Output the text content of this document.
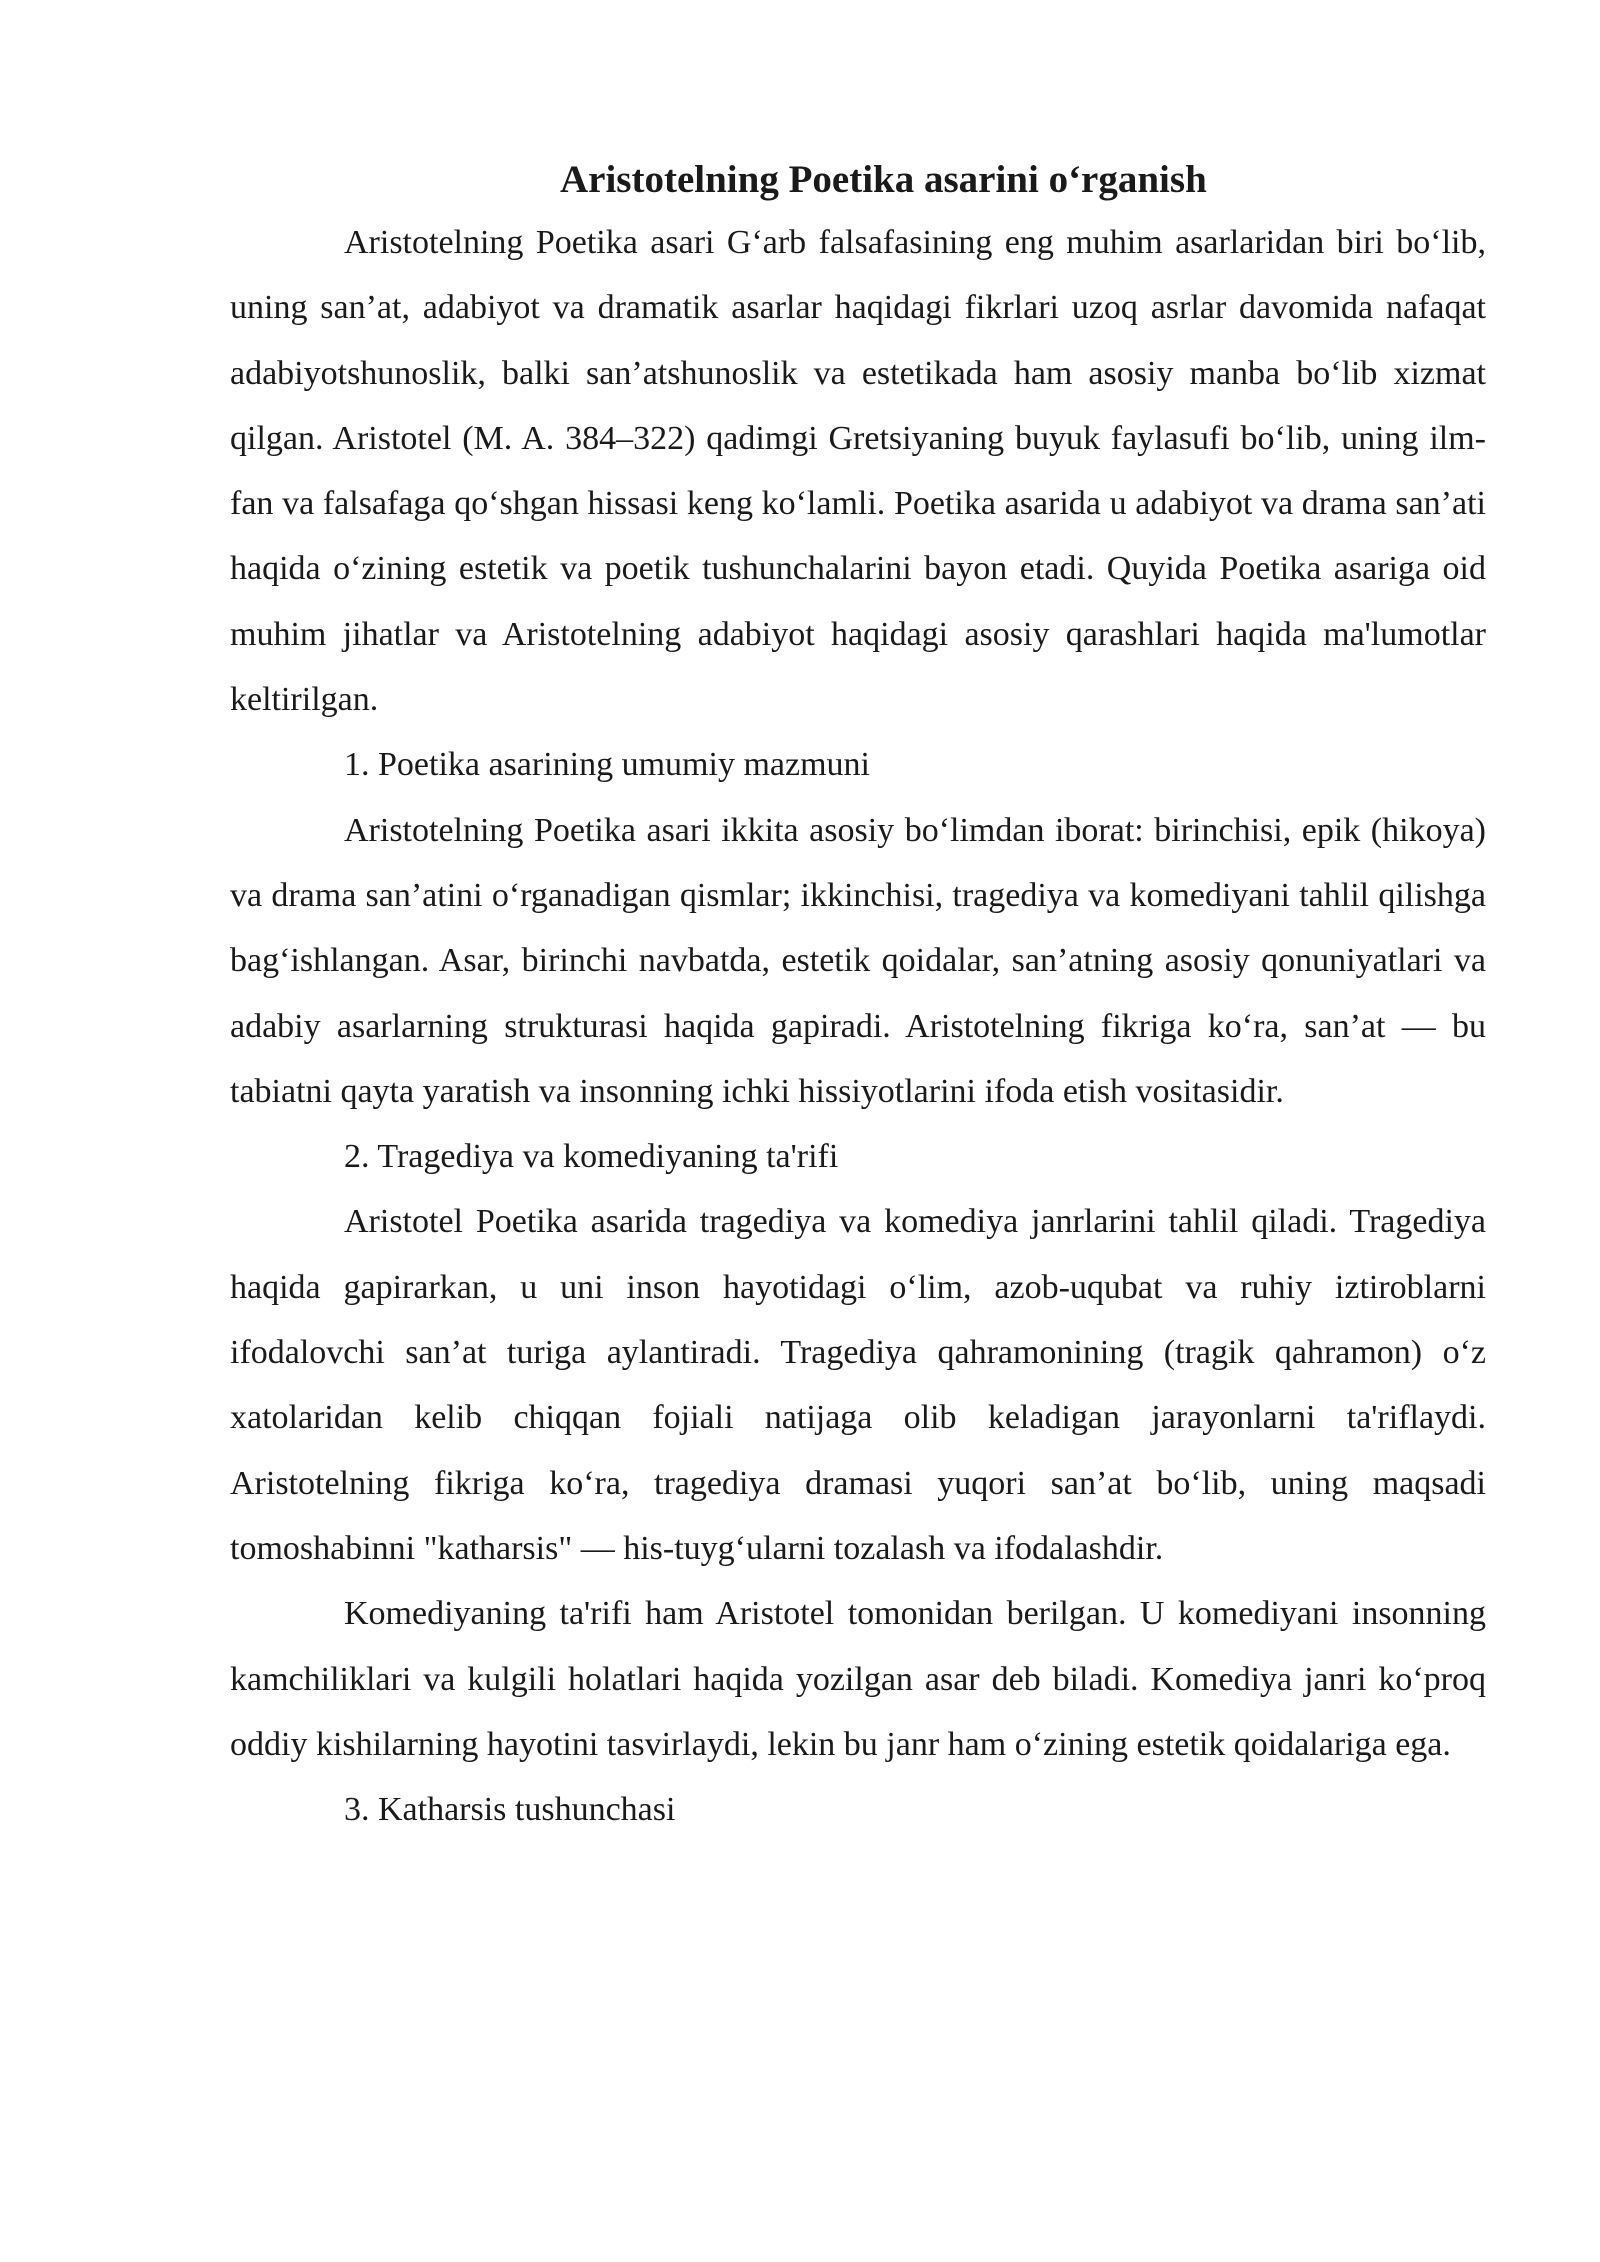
Aristotelning Poetika asarini oʻrganish

Aristotelning Poetika asari Gʻarb falsafasining eng muhim asarlaridan biri boʻlib, uning san’at, adabiyot va dramatik asarlar haqidagi fikrlari uzoq asrlar davomida nafaqat adabiyotshunoslik, balki san’atshunoslik va estetikada ham asosiy manba boʻlib xizmat qilgan. Aristotel (M. A. 384–322) qadimgi Gretsiyaning buyuk faylasufi boʻlib, uning ilm-fan va falsafaga qoʻshgan hissasi keng koʻlamli. Poetika asarida u adabiyot va drama san’ati haqida oʻzining estetik va poetik tushunchalarini bayon etadi. Quyida Poetika asariga oid muhim jihatlar va Aristotelning adabiyot haqidagi asosiy qarashlari haqida ma'lumotlar keltirilgan.

1. Poetika asarining umumiy mazmuni

Aristotelning Poetika asari ikkita asosiy boʻlimdan iborat: birinchisi, epik (hikoya) va drama san’atini oʻrganadigan qismlar; ikkinchisi, tragediya va komediyani tahlil qilishga bagʻishlangan. Asar, birinchi navbatda, estetik qoidalar, san’atning asosiy qonuniyatlari va adabiy asarlarning strukturasi haqida gapiradi. Aristotelning fikriga koʻra, san’at — bu tabiatni qayta yaratish va insonning ichki hissiyotlarini ifoda etish vositasidir.

2. Tragediya va komediyaning ta'rifi

Aristotel Poetika asarida tragediya va komediya janrlarini tahlil qiladi. Tragediya haqida gapirarkan, u uni inson hayotidagi oʻlim, azob-uqubat va ruhiy iztiroblarni ifodalovchi san’at turiga aylantiradi. Tragediya qahramonining (tragik qahramon) oʻz xatolaridan kelib chiqqan fojiali natijaga olib keladigan jarayonlarni ta'riflaydi. Aristotelning fikriga koʻra, tragediya dramasi yuqori san’at boʻlib, uning maqsadi tomoshabinni "katharsis" — his-tuygʻularni tozalash va ifodalashdir.

Komediyaning ta'rifi ham Aristotel tomonidan berilgan. U komediyani insonning kamchiliklari va kulgili holatlari haqida yozilgan asar deb biladi. Komediya janri koʻproq oddiy kishilarning hayotini tasvirlaydi, lekin bu janr ham oʻzining estetik qoidalariga ega.

3. Katharsis tushunchasi
